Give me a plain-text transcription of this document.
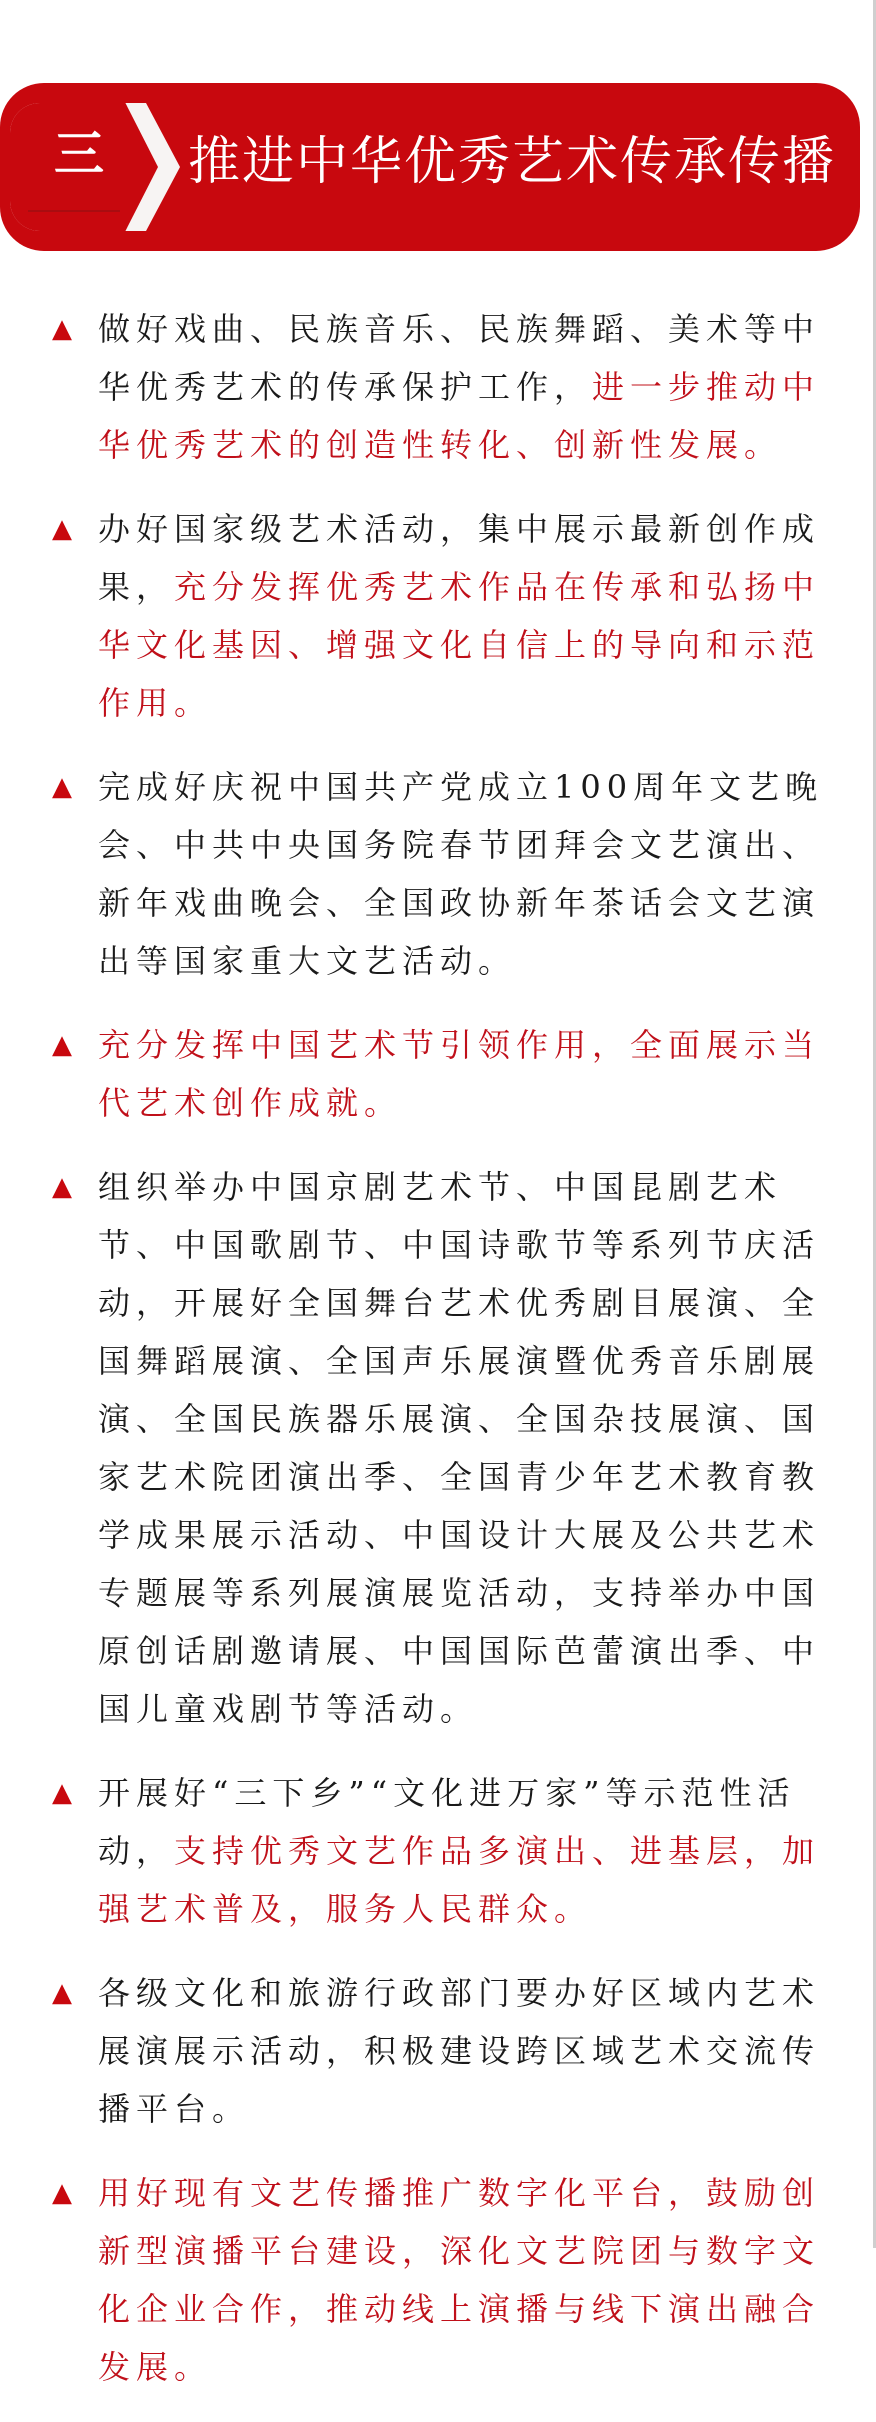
三 推进中华优秀艺术传承传播
▲ 做好戏曲、民族音乐、民族舞蹈、美术等中华优秀艺术的传承保护工作，进一步推动中华优秀艺术的创造性转化、创新性发展。
▲ 办好国家级艺术活动，集中展示最新创作成果，充分发挥优秀艺术作品在传承和弘扬中华文化基因、增强文化自信上的导向和示范作用。
▲ 完成好庆祝中国共产党成立100周年文艺晚会、中共中央国务院春节团拜会文艺演出、新年戏曲晚会、全国政协新年茶话会文艺演出等国家重大文艺活动。
▲ 充分发挥中国艺术节引领作用，全面展示当代艺术创作成就。
▲ 组织举办中国京剧艺术节、中国昆剧艺术节、中国歌剧节、中国诗歌节等系列节庆活动，开展好全国舞台艺术优秀剧目展演、全国舞蹈展演、全国声乐展演暨优秀音乐剧展演、全国民族器乐展演、全国杂技展演、国家艺术院团演出季、全国青少年艺术教育教学成果展示活动、中国设计大展及公共艺术专题展等系列展演展览活动，支持举办中国原创话剧邀请展、中国国际芭蕾演出季、中国儿童戏剧节等活动。
▲ 开展好“三下乡”“文化进万家”等示范性活动，支持优秀文艺作品多演出、进基层，加强艺术普及，服务人民群众。
▲ 各级文化和旅游行政部门要办好区域内艺术展演展示活动，积极建设跨区域艺术交流传播平台。
▲ 用好现有文艺传播推广数字化平台，鼓励创新型演播平台建设，深化文艺院团与数字文化企业合作，推动线上演播与线下演出融合发展。
